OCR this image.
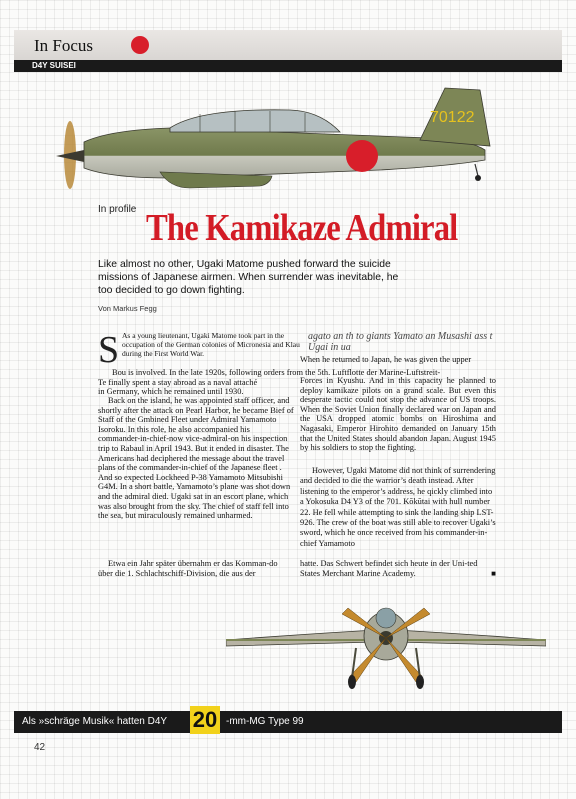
In Focus
D4Y SUISEI
70122
In profile The Kamikaze Admiral

Like almost no other, Ugaki Matome pushed forward the suicide

missions of Japanese airmen. When surrender was inevitable, he

too decided to go down fighting.

Von Markus Fegg
S As a young lieutenant, Ugaki Matome took part in the occupation of the German colonies of Micronesia and Klau during the First World War.
agato an th to giants Yamato an Musashi ass t Ugai in ua
When he returned to Japan, he was given the upper
Bou is involved. In the late 1920s, following orders from the 5th. Luftflotte der Marine-Luftstreit-
Te finally spent a stay abroad as a naval attaché
in Germany, which he remained until 1930.

Back on the island, he was appointed staff officer, and shortly after the attack on Pearl Harbor, he became Bief of Staff of the Gmbined Fleet under Admiral Yamamoto Isoroku. In this role, he also accompanied his commander-in-chief-now vice-admiral-on his inspection trip to Rabaul in April 1943. But it ended in disaster. The Americans had deciphered the message about the travel plans of the commander-in-chief of the Japanese fleet . And so expected Lockheed P-38 Yamamoto Mitsubishi G4M. In a short battle, Yamamoto’s plane was shot down and the admiral died. Ugaki sat in an escort plane, which was also brought from the sky. The chief of staff fell into the sea, but miraculously remained unharmed.

Forces in Kyushu. And in this capacity he planned to deploy kamikaze pilots on a grand scale. But even this desperate tactic could not stop the advance of US troops. When the Soviet Union finally declared war on Japan and the USA dropped atomic bombs on Hiroshima and Nagasaki, Emperor Hirohito demanded on January 15th that the United States should abandon Japan. August 1945 by his soldiers to stop the fighting.

However, Ugaki Matome did not think of surrendering and decided to die the warrior’s death instead. After listening to the emperor’s address, he qickly climbed into a Yokosuka D4 Y3 of the 701. Kōkūtai with hull number 22. He fell while attempting to sink the landing ship LST-926. The crew of the boat was still able to recover Ugaki’s sword, which he once received from his commander-in-chief Yamamoto

Etwa ein Jahr später übernahm er das Komman-do über die 1. Schlachtschiff-Division, die aus der

hatte. Das Schwert befindet sich heute in der Uni-ted States Merchant Marine Academy.	■
Als »schräge Musik« hatten D4Y 20 -mm-MG Type 99
42
